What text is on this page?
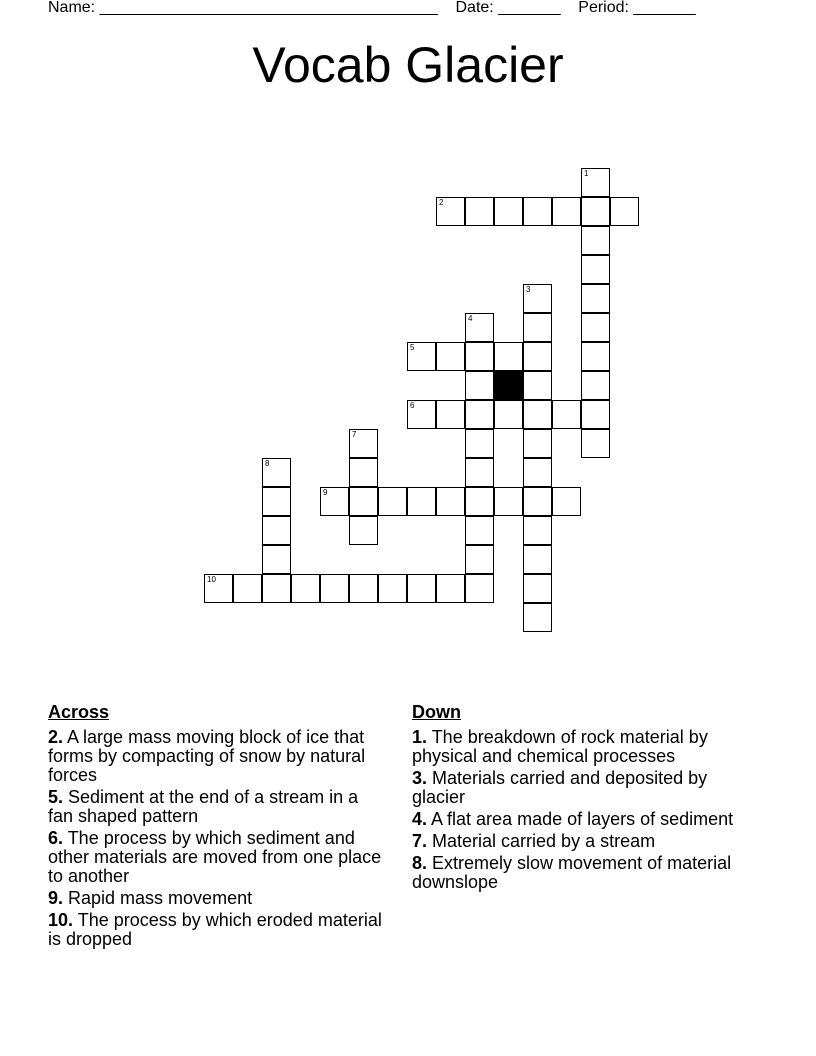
Name: ______________________________________ Date: _______ Period: _______
Vocab Glacier
2
5
6
9
10
1
3
4
7
8
Across
2. A large mass moving block of ice that forms by compacting of snow by natural forces
5. Sediment at the end of a stream in a fan shaped pattern
6. The process by which sediment and other materials are moved from one place to another
9. Rapid mass movement
10. The process by which eroded material is dropped
Down
1. The breakdown of rock material by physical and chemical processes
3. Materials carried and deposited by glacier
4. A flat area made of layers of sediment
7. Material carried by a stream
8. Extremely slow movement of material downslope
